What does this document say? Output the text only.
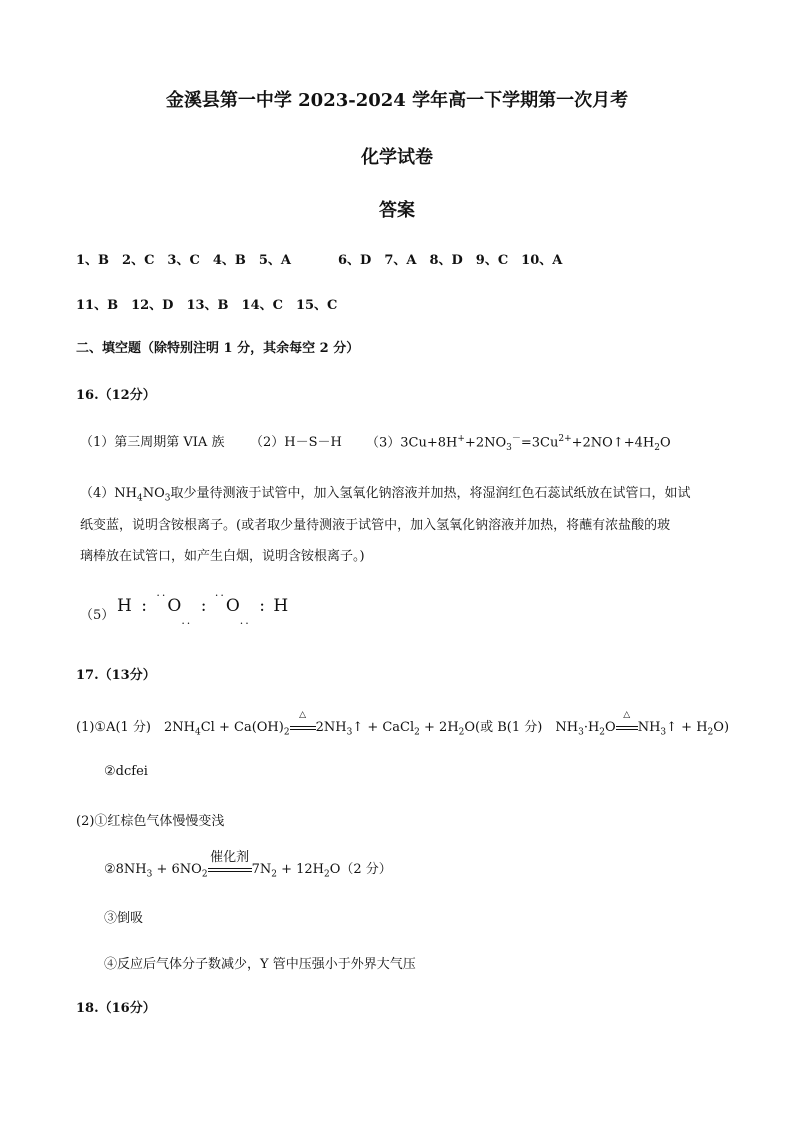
金溪县第一中学 2023-2024 学年高一下学期第一次月考
化学试卷
答案
1、B　2、C　3、C　4、B　5、A	6、D　7、A　8、D　9、C　10、A
11、B　12、D　13、B　14、C　15、C
二、填空题（除特别注明 1 分，其余每空 2 分）
16.（12分）
（1）第三周期第 VIA 族 （2）H－S－H $(3)3Cu+8H^++2NO_3^-=3Cu^{2+}+2NO↑+4H_2O$
$(4)NH_4NO_3$取少量待测液于试管中，加入氢氧化钠溶液并加热，将湿润红色石蕊试纸放在试管口，如试
纸变蓝，说明含铵根离子。(或者取少量待测液于试管中，加入氢氧化钠溶液并加热，将蘸有浓盐酸的玻
璃棒放在试管口，如产生白烟，说明含铵根离子。)
（5） H : ··O·· : ··O·· : H
17.（13分）
(1)①A(1 分)　$2NH_4Cl + Ca(OH)_2$
△
$2NH_3↑$ + CaCl$_2$ + $2H_2O$(或 B(1 分)　$NH_3\cdot H_2O$
△
$NH_3↑ + H_2O$)
②dcfei
(2)①红棕色气体慢慢变浅
$②8NH_3 + 6NO_2$
催化剂
$7N_2 + 12H_2O(2$ 分）
③倒吸
④反应后气体分子数减少，Y 管中压强小于外界大气压
18.（16分）
